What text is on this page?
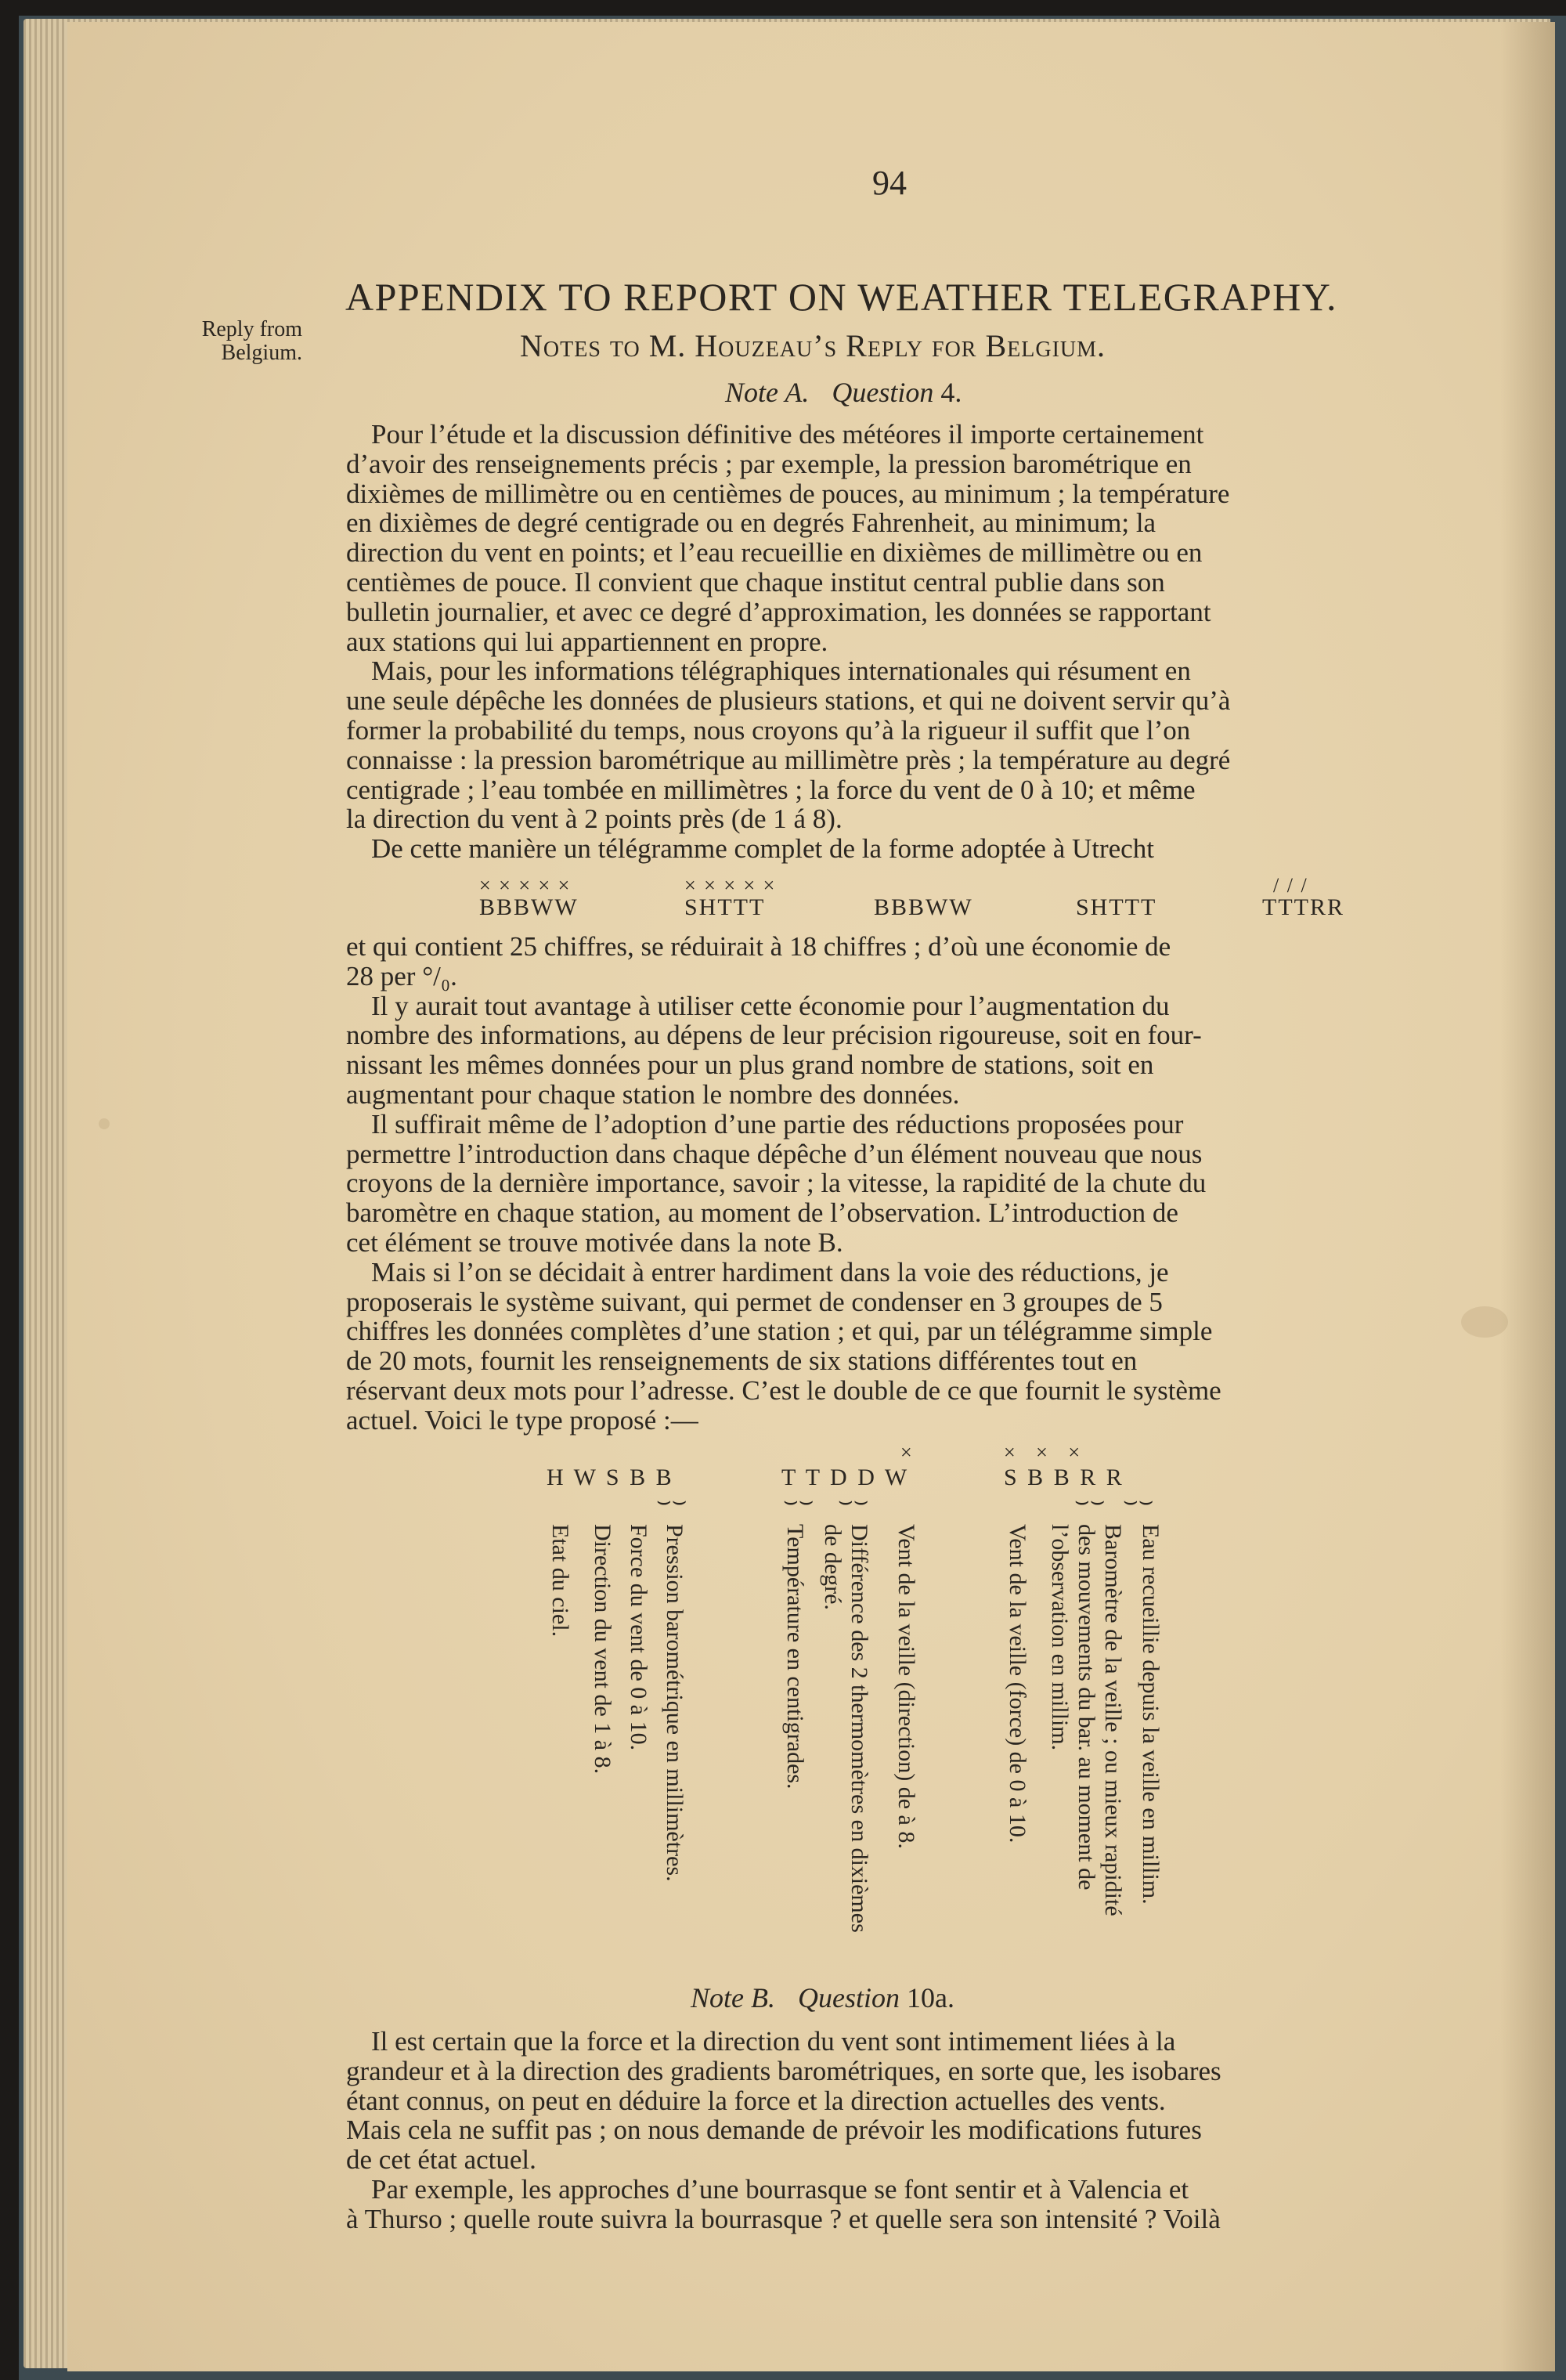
94
APPENDIX TO REPORT ON WEATHER TELEGRAPHY.
Reply from
Belgium.	Notes to M. Houzeau’s Reply for Belgium.
Note A. Question 4.
Pour l’étude et la discussion définitive des météores il importe certainement
d’avoir des renseignements précis ; par exemple, la pression barométrique en
dixièmes de millimètre ou en centièmes de pouces, au minimum ; la température
en dixièmes de degré centigrade ou en degrés Fahrenheit, au minimum; la
direction du vent en points; et l’eau recueillie en dixièmes de millimètre ou en
centièmes de pouce. Il convient que chaque institut central publie dans son
bulletin journalier, et avec ce degré d’approximation, les données se rapportant
aux stations qui lui appartiennent en propre.
Mais, pour les informations télégraphiques internationales qui résument en
une seule dépêche les données de plusieurs stations, et qui ne doivent servir qu’à
former la probabilité du temps, nous croyons qu’à la rigueur il suffit que l’on
connaisse : la pression barométrique au millimètre près ; la température au degré
centigrade ; l’eau tombée en millimètres ; la force du vent de 0 à 10; et même
la direction du vent à 2 points près (de 1 á 8).
De cette manière un télégramme complet de la forme adoptée à Utrecht
× × × × ×	× × × × ×	/ / /
BBBWW	SHTTT	BBBWW	SHTTT	TTTRR
et qui contient 25 chiffres, se réduirait à 18 chiffres ; d’où une économie de
28 per °/₀.
Il y aurait tout avantage à utiliser cette économie pour l’augmentation du
nombre des informations, au dépens de leur précision rigoureuse, soit en four-
nissant les mêmes données pour un plus grand nombre de stations, soit en
augmentant pour chaque station le nombre des données.
Il suffirait même de l’adoption d’une partie des réductions proposées pour
permettre l’introduction dans chaque dépêche d’un élément nouveau que nous
croyons de la dernière importance, savoir ; la vitesse, la rapidité de la chute du
baromètre en chaque station, au moment de l’observation. L’introduction de
cet élément se trouve motivée dans la note B.
Mais si l’on se décidait à entrer hardiment dans la voie des réductions, je
proposerais le système suivant, qui permet de condenser en 3 groupes de 5
chiffres les données complètes d’une station ; et qui, par un télégramme simple
de 20 mots, fournit les renseignements de six stations différentes tout en
réservant deux mots pour l’adresse. C’est le double de ce que fournit le système
actuel. Voici le type proposé :—
×	× × ×
H W S B B	T T D D W	S B B R R
⌣⌣	⌣⌣ ⌣⌣	⌣⌣ ⌣⌣
Etat du ciel. Direction du vent de 1 à 8. Force du vent de 0 à 10. Pression barométrique en millimètres.	Température en centigrades. de degré. Différence des 2 thermomètres en dixièmes Vent de la veille (direction) de à 8.	Vent de la veille (force) de 0 à 10. l’observation en millim. des mouvements du bar. au moment de Baromètre de la veille ; ou mieux rapidité Eau recueillie depuis la veille en millim.
Note B. Question 10a.
Il est certain que la force et la direction du vent sont intimement liées à la
grandeur et à la direction des gradients barométriques, en sorte que, les isobares
étant connus, on peut en déduire la force et la direction actuelles des vents.
Mais cela ne suffit pas ; on nous demande de prévoir les modifications futures
de cet état actuel.
Par exemple, les approches d’une bourrasque se font sentir et à Valencia et
à Thurso ; quelle route suivra la bourrasque ? et quelle sera son intensité ? Voilà
